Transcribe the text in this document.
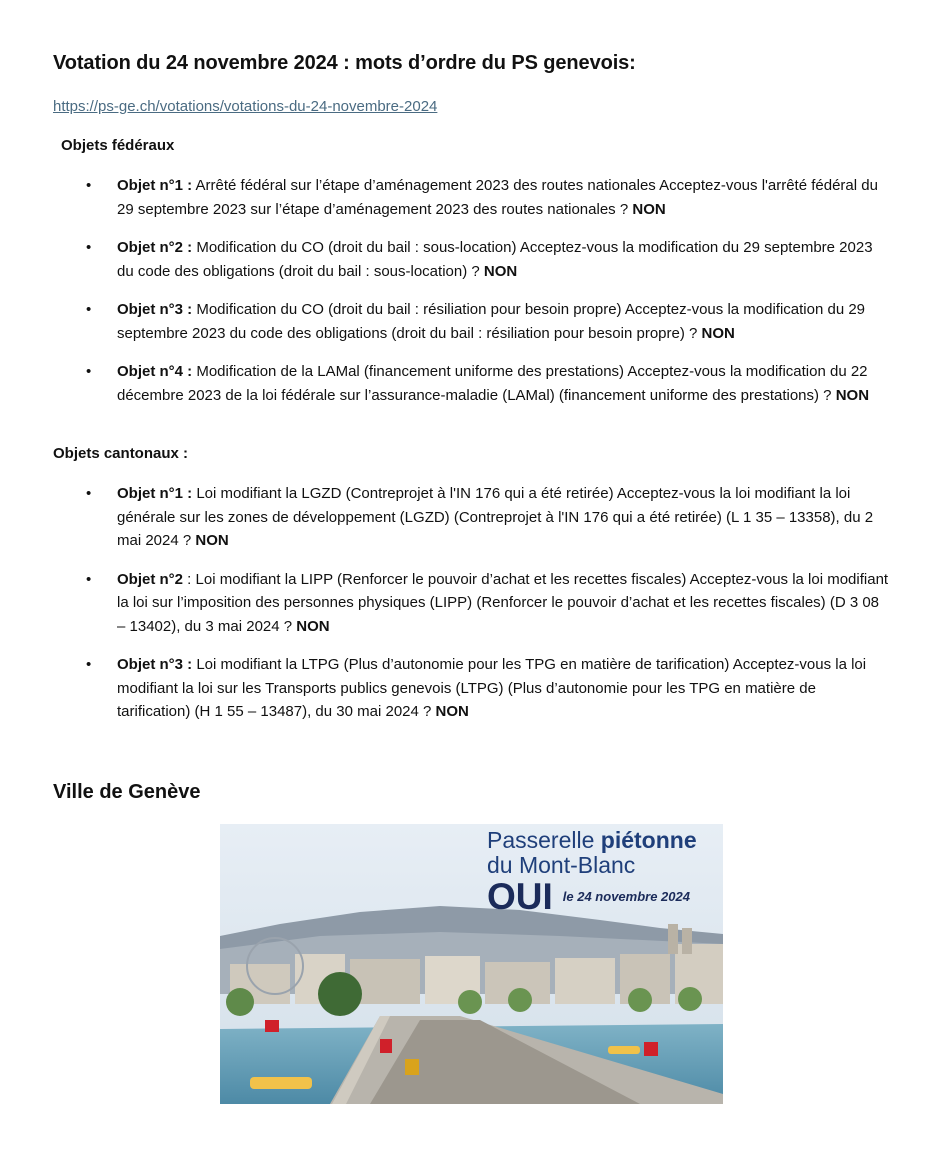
Votation du 24 novembre 2024 : mots d’ordre du PS genevois:
https://ps-ge.ch/votations/votations-du-24-novembre-2024
Objets fédéraux
• Objet n°1 : Arrêté fédéral sur l’étape d’aménagement 2023 des routes nationales Acceptez-vous l'arrêté fédéral du 29 septembre 2023 sur l’étape d’aménagement 2023 des routes nationales ? NON
• Objet n°2 : Modification du CO (droit du bail : sous-location) Acceptez-vous la modification du 29 septembre 2023 du code des obligations (droit du bail : sous-location) ? NON
• Objet n°3 : Modification du CO (droit du bail : résiliation pour besoin propre) Acceptez-vous la modification du 29 septembre 2023 du code des obligations (droit du bail : résiliation pour besoin propre) ? NON
• Objet n°4 : Modification de la LAMal (financement uniforme des prestations) Acceptez-vous la modification du 22 décembre 2023 de la loi fédérale sur l’assurance-maladie (LAMal) (financement uniforme des prestations) ? NON
Objets cantonaux :
• Objet n°1 : Loi modifiant la LGZD (Contreprojet à l'IN 176 qui a été retirée) Acceptez-vous la loi modifiant la loi générale sur les zones de développement (LGZD) (Contreprojet à l'IN 176 qui a été retirée) (L 1 35 – 13358), du 2 mai 2024 ? NON
• Objet n°2 : Loi modifiant la LIPP (Renforcer le pouvoir d’achat et les recettes fiscales) Acceptez-vous la loi modifiant la loi sur l’imposition des personnes physiques (LIPP) (Renforcer le pouvoir d’achat et les recettes fiscales) (D 3 08 – 13402), du 3 mai 2024 ? NON
• Objet n°3 : Loi modifiant la LTPG (Plus d’autonomie pour les TPG en matière de tarification) Acceptez-vous la loi modifiant la loi sur les Transports publics genevois (LTPG) (Plus d’autonomie pour les TPG en matière de tarification) (H 1 55 – 13487), du 30 mai 2024 ? NON
Ville de Genève
Passerelle piétonne
du Mont-Blanc
OUI $^{le 24 novembre 2024}$
